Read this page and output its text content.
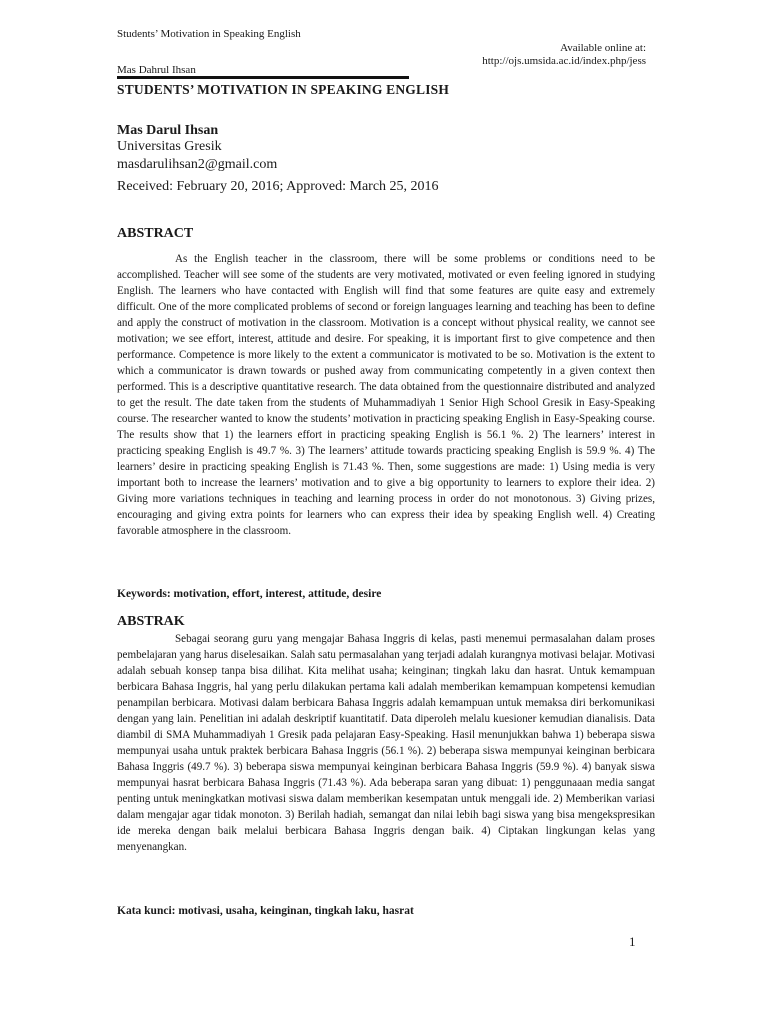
Students’ Motivation in Speaking English
Available online at:
http://ojs.umsida.ac.id/index.php/jess
Mas Dahrul Ihsan
STUDENTS’ MOTIVATION IN SPEAKING ENGLISH
Mas Darul Ihsan
Universitas Gresik
masdarulihsan2@gmail.com
Received: February 20, 2016; Approved: March 25, 2016
ABSTRACT

As the English teacher in the classroom, there will be some problems or conditions need to be accomplished. Teacher will see some of the students are very motivated, motivated or even feeling ignored in studying English. The learners who have contacted with English will find that some features are quite easy and extremely difficult. One of the more complicated problems of second or foreign languages learning and teaching has been to define and apply the construct of motivation in the classroom. Motivation is a concept without physical reality, we cannot see motivation; we see effort, interest, attitude and desire. For speaking, it is important first to give competence and then performance. Competence is more likely to the extent a communicator is motivated to be so. Motivation is the extent to which a communicator is drawn towards or pushed away from communicating competently in a given context then performed. This is a descriptive quantitative research. The data obtained from the questionnaire distributed and analyzed to get the result. The date taken from the students of Muhammadiyah 1 Senior High School Gresik in Easy-Speaking course. The researcher wanted to know the students’ motivation in practicing speaking English in Easy-Speaking course. The results show that 1) the learners effort in practicing speaking English is 56.1 %. 2) The learners’ interest in practicing speaking English is 49.7 %. 3) The learners’ attitude towards practicing speaking English is 59.9 %. 4) The learners’ desire in practicing speaking English is 71.43 %. Then, some suggestions are made: 1) Using media is very important both to increase the learners’ motivation and to give a big opportunity to learners to explore their idea. 2) Giving more variations techniques in teaching and learning process in order do not monotonous. 3) Giving prizes, encouraging and giving extra points for learners who can express their idea by speaking English well. 4) Creating favorable atmosphere in the classroom.

Keywords: motivation, effort, interest, attitude, desire
ABSTRAK

Sebagai seorang guru yang mengajar Bahasa Inggris di kelas, pasti menemui permasalahan dalam proses pembelajaran yang harus diselesaikan. Salah satu permasalahan yang terjadi adalah kurangnya motivasi belajar. Motivasi adalah sebuah konsep tanpa bisa dilihat. Kita melihat usaha; keinginan; tingkah laku dan hasrat. Untuk kemampuan berbicara Bahasa Inggris, hal yang perlu dilakukan pertama kali adalah memberikan kemampuan kompetensi kemudian penampilan berbicara. Motivasi dalam berbicara Bahasa Inggris adalah kemampuan untuk memaksa diri berkomunikasi dengan yang lain. Penelitian ini adalah deskriptif kuantitatif. Data diperoleh melalu kuesioner kemudian dianalisis. Data diambil di SMA Muhammadiyah 1 Gresik pada pelajaran Easy-Speaking. Hasil menunjukkan bahwa 1) beberapa siswa mempunyai usaha untuk praktek berbicara Bahasa Inggris (56.1 %). 2) beberapa siswa mempunyai keinginan berbicara Bahasa Inggris (49.7 %). 3) beberapa siswa mempunyai keinginan berbicara Bahasa Inggris (59.9 %). 4) banyak siswa mempunyai hasrat berbicara Bahasa Inggris (71.43 %). Ada beberapa saran yang dibuat: 1) penggunaaan media sangat penting untuk meningkatkan motivasi siswa dalam memberikan kesempatan untuk menggali ide. 2) Memberikan variasi dalam mengajar agar tidak monoton. 3) Berilah hadiah, semangat dan nilai lebih bagi siswa yang bisa mengekspresikan ide mereka dengan baik melalui berbicara Bahasa Inggris dengan baik. 4) Ciptakan lingkungan kelas yang menyenangkan.

Kata kunci: motivasi, usaha, keinginan, tingkah laku, hasrat
1
